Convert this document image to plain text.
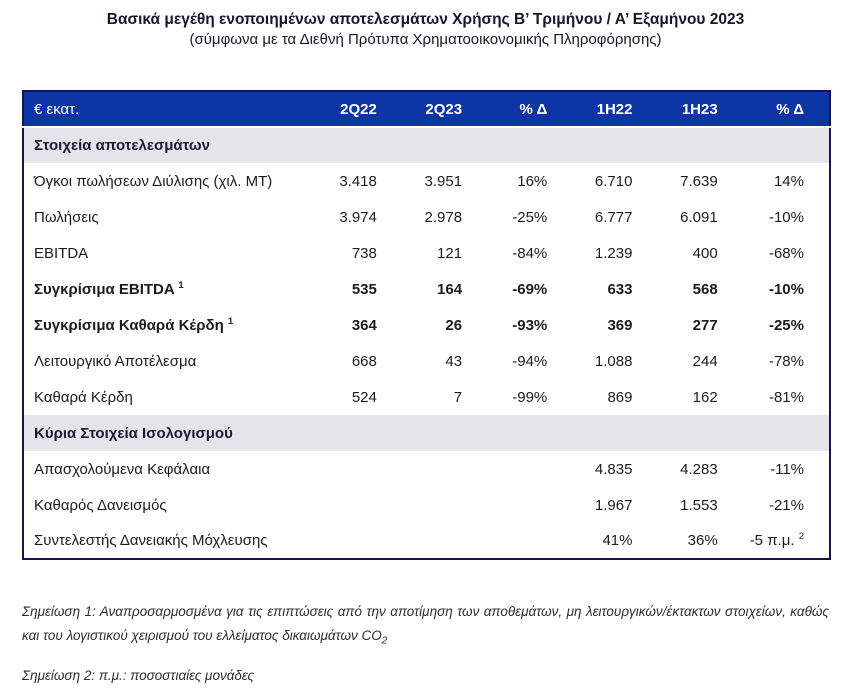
Βασικά μεγέθη ενοποιημένων αποτελεσμάτων Χρήσης Β’ Τριμήνου / Α’ Εξαμήνου 2023
(σύμφωνα με τα Διεθνή Πρότυπα Χρηματοοικονομικής Πληροφόρησης)
€ εκατ.	2Q22	2Q23	% Δ	1H22	1H23	% Δ
Στοιχεία αποτελεσμάτων						
Όγκοι πωλήσεων Διύλισης (χιλ. MT)	3.418	3.951	16%	6.710	7.639	14%
Πωλήσεις	3.974	2.978	-25%	6.777	6.091	-10%
EBITDA	738	121	-84%	1.239	400	-68%
Συγκρίσιμα EBITDA $^1$	535	164	-69%	633	568	-10%
Συγκρίσιμα Καθαρά Κέρδη $^1$	364	26	-93%	369	277	-25%
Λειτουργικό Αποτέλεσμα	668	43	-94%	1.088	244	-78%
Καθαρά Κέρδη	524	7	-99%	869	162	-81%
Κύρια Στοιχεία Ισολογισμού						
Απασχολούμενα Κεφάλαια				4.835	4.283	-11%
Καθαρός Δανεισμός				1.967	1.553	-21%
Συντελεστής Δανειακής Μόχλευσης				41%	36%	-5 π.μ. $^2$

Σημείωση 1: Αναπροσαρμοσμένα για τις επιπτώσεις από την αποτίμηση των αποθεμάτων, μη λειτουργικών/έκτακτων στοιχείων, καθώς και του λογιστικού χειρισμού του ελλείματος δικαιωμάτων $CO_2$

Σημείωση 2: π.μ.: ποσοστιαίες μονάδες
